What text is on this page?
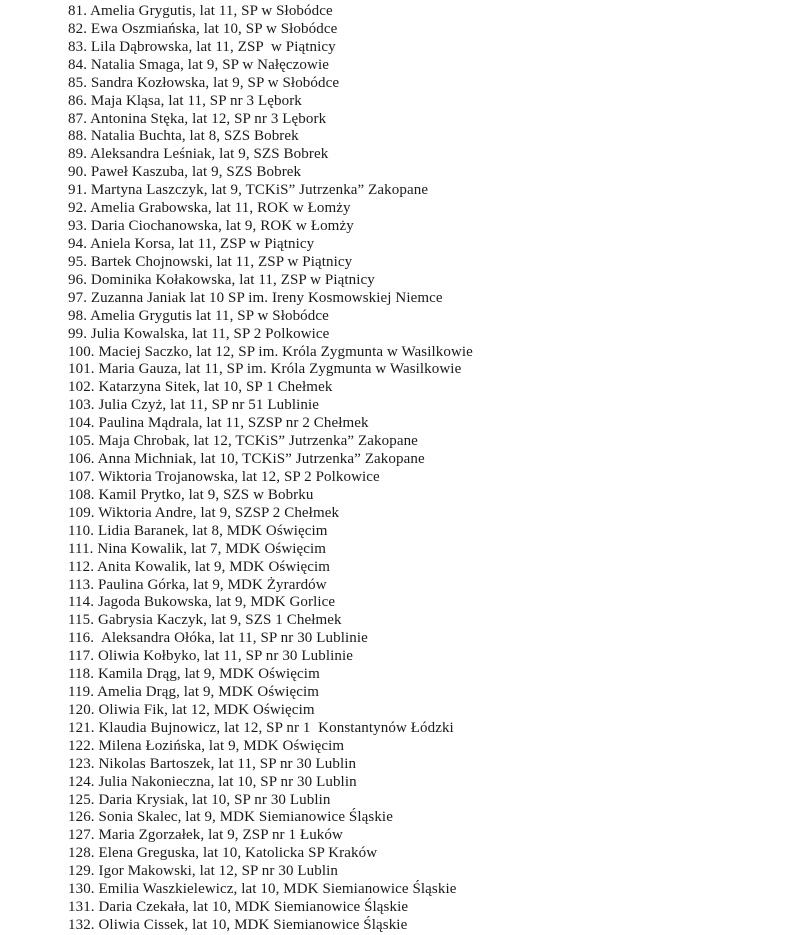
81. Amelia Grygutis, lat 11, SP w Słobódce
82. Ewa Oszmiańska, lat 10, SP w Słobódce
83. Lila Dąbrowska, lat 11, ZSP  w Piątnicy
84. Natalia Smaga, lat 9, SP w Nałęczowie
85. Sandra Kozłowska, lat 9, SP w Słobódce
86. Maja Kląsa, lat 11, SP nr 3 Lębork
87. Antonina Stęka, lat 12, SP nr 3 Lębork
88. Natalia Buchta, lat 8, SZS Bobrek
89. Aleksandra Leśniak, lat 9, SZS Bobrek
90. Paweł Kaszuba, lat 9, SZS Bobrek
91. Martyna Laszczyk, lat 9, TCKiS” Jutrzenka” Zakopane
92. Amelia Grabowska, lat 11, ROK w Łomży
93. Daria Ciochanowska, lat 9, ROK w Łomży
94. Aniela Korsa, lat 11, ZSP w Piątnicy
95. Bartek Chojnowski, lat 11, ZSP w Piątnicy
96. Dominika Kołakowska, lat 11, ZSP w Piątnicy
97. Zuzanna Janiak lat 10 SP im. Ireny Kosmowskiej Niemce
98. Amelia Grygutis lat 11, SP w Słobódce
99. Julia Kowalska, lat 11, SP 2 Polkowice
100. Maciej Saczko, lat 12, SP im. Króla Zygmunta w Wasilkowie
101. Maria Gauza, lat 11, SP im. Króla Zygmunta w Wasilkowie
102. Katarzyna Sitek, lat 10, SP 1 Chełmek
103. Julia Czyż, lat 11, SP nr 51 Lublinie
104. Paulina Mądrala, lat 11, SZSP nr 2 Chełmek
105. Maja Chrobak, lat 12, TCKiS” Jutrzenka” Zakopane
106. Anna Michniak, lat 10, TCKiS” Jutrzenka” Zakopane
107. Wiktoria Trojanowska, lat 12, SP 2 Polkowice
108. Kamil Prytko, lat 9, SZS w Bobrku
109. Wiktoria Andre, lat 9, SZSP 2 Chełmek
110. Lidia Baranek, lat 8, MDK Oświęcim
111. Nina Kowalik, lat 7, MDK Oświęcim
112. Anita Kowalik, lat 9, MDK Oświęcim
113. Paulina Górka, lat 9, MDK Żyrardów
114. Jagoda Bukowska, lat 9, MDK Gorlice
115. Gabrysia Kaczyk, lat 9, SZS 1 Chełmek
116.  Aleksandra Ołóka, lat 11, SP nr 30 Lublinie
117. Oliwia Kołbyko, lat 11, SP nr 30 Lublinie
118. Kamila Drąg, lat 9, MDK Oświęcim
119. Amelia Drąg, lat 9, MDK Oświęcim
120. Oliwia Fik, lat 12, MDK Oświęcim
121. Klaudia Bujnowicz, lat 12, SP nr 1  Konstantynów Łódzki
122. Milena Łozińska, lat 9, MDK Oświęcim
123. Nikolas Bartoszek, lat 11, SP nr 30 Lublin
124. Julia Nakonieczna, lat 10, SP nr 30 Lublin
125. Daria Krysiak, lat 10, SP nr 30 Lublin
126. Sonia Skalec, lat 9, MDK Siemianowice Śląskie
127. Maria Zgorzałek, lat 9, ZSP nr 1 Łuków
128. Elena Greguska, lat 10, Katolicka SP Kraków
129. Igor Makowski, lat 12, SP nr 30 Lublin
130. Emilia Waszkielewicz, lat 10, MDK Siemianowice Śląskie
131. Daria Czekała, lat 10, MDK Siemianowice Śląskie
132. Oliwia Cissek, lat 10, MDK Siemianowice Śląskie
